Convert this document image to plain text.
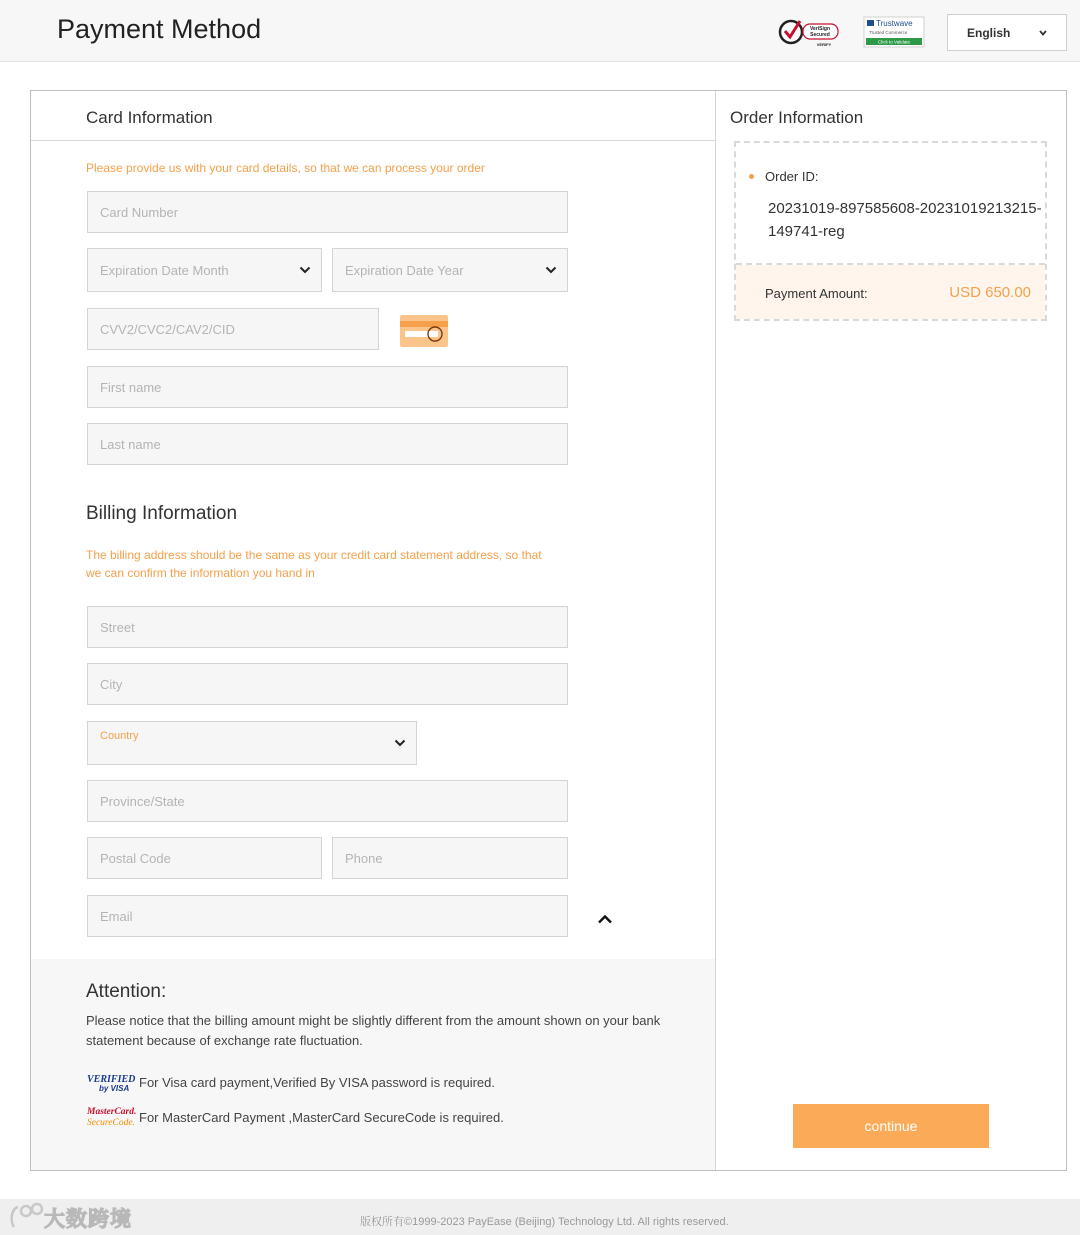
Payment Method	VeriSign
Secured
VERIFY
Trustwave
Trusted Commerce
Click to Validate
English
Card Information
Please provide us with your card details, so that we can process your order
Card Number
Expiration Date Month	Expiration Date Year
CVV2/CVC2/CAV2/CID
First name
Last name
Billing Information
The billing address should be the same as your credit card statement address, so that
we can confirm the information you hand in
Street
City
Country
Province/State
Postal Code	Phone
Email
Attention:
Please notice that the billing amount might be slightly different from the amount shown on your bank statement because of exchange rate fluctuation.
VERIFIED
by VISA For Visa card payment,Verified By VISA password is required.
MasterCard.
SecureCode. For MasterCard Payment ,MasterCard SecureCode is required.
Order Information
Order ID:
20231019-897585608-20231019213215-149741-reg
Payment Amount:	USD 650.00
continue
大数跨境	版权所有©1999-2023 PayEase (Beijing) Technology Ltd. All rights reserved.
